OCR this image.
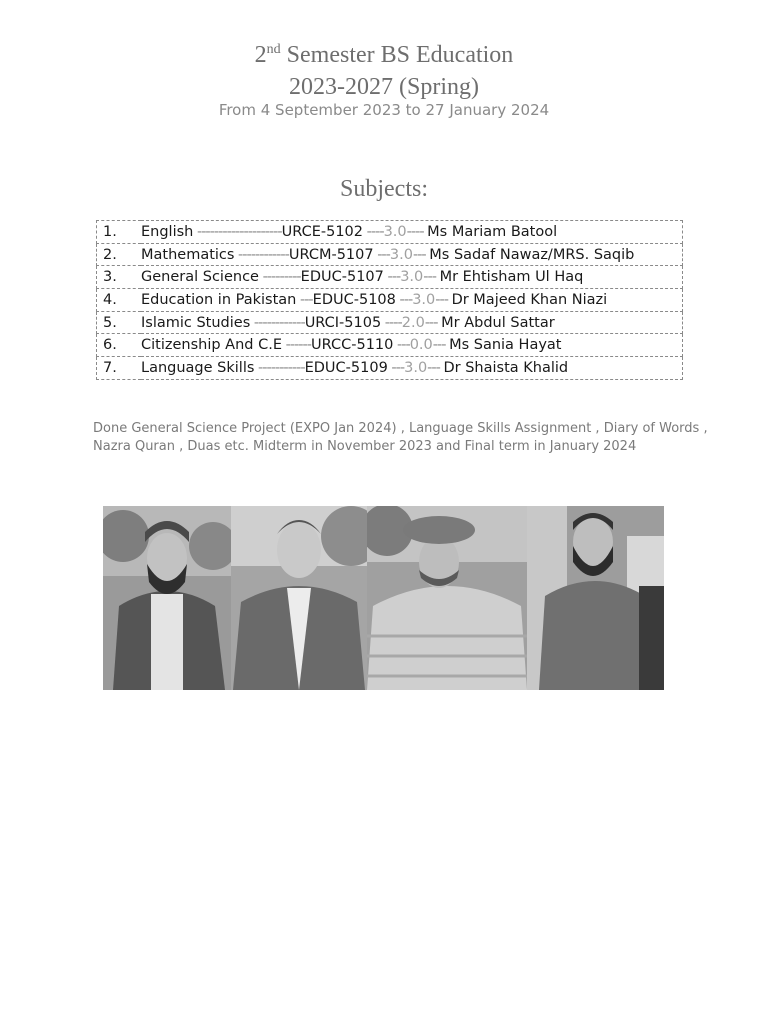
2nd Semester BS Education
2023-2027 (Spring)
From 4 September 2023 to 27 January 2024
Subjects:
1.	English --------------------URCE-5102 ----3.0---- Ms Mariam Batool
2.	Mathematics ------------URCM-5107 ---3.0--- Ms Sadaf Nawaz/MRS. Saqib
3.	General Science ---------EDUC-5107 ---3.0--- Mr Ehtisham Ul Haq
4.	Education in Pakistan ---EDUC-5108 ---3.0--- Dr Majeed Khan Niazi
5.	Islamic Studies ------------URCI-5105 ----2.0--- Mr Abdul Sattar
6.	Citizenship And C.E ------URCC-5110 ---0.0--- Ms Sania Hayat
7.	Language Skills -----------EDUC-5109 ---3.0--- Dr Shaista Khalid
Done General Science Project (EXPO Jan 2024) , Language Skills Assignment , Diary of Words , Nazra Quran , Duas etc. Midterm in November 2023 and Final term in January 2024
